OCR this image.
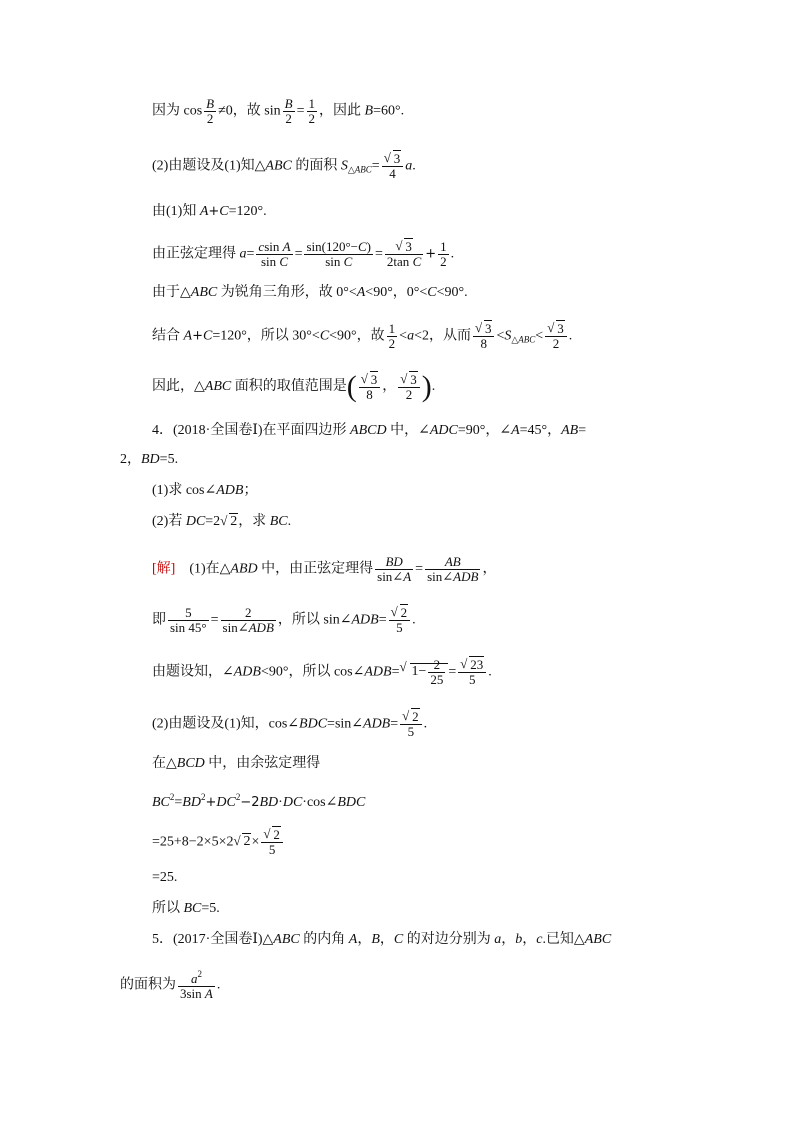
因为 $\cos \frac{B}{2} \ne 0$，故 $\sin \frac{B}{2} = \frac{1}{2}$ ，因此 B=60°.
(2)由题设及(1)知△ABC 的面积 $S_{\triangle ABC}=$ √ $\frac{3}{4} a$.
由(1)知 A+C=120°.
由正弦定理得 $a= \frac{\text{csin A}}{\text{sin C}} = \frac{\sin(120^\circ-C)}{\text{sin C}}$ = √ $\frac{3}{\text{2tan C}} + \frac{1}{2}$ .
由于△ABC 为锐角三角形，故 0°<A<90°，0°<C<90°.
结合 A+C=120°，所以 30°<C<90°，故 $\frac{1}{2} <a<2$，从而 √ $\frac{3}{8} <S_{\triangle ABC}<$ √ $\frac{3}{2}$ .
因此，△ABC 面积的取值范围是( √ $\frac{3}{8}$ ， √ $\frac{3}{2}$ ).
4．(2018·全国卷Ⅰ)在平面四边形 ABCD 中，∠ADC=90°，∠A=45°，AB=
2，BD=5.
(1)求 cos∠ADB；
(2)若 DC=2 √ 2，求 BC.
[解]　(1)在△ABD 中，由正弦定理得 $\frac{BD}{\sin\angle A} = \frac{AB}{\text{sin∠ADB}}$ ，
即 $\frac{5}{\sin 45^\circ} = \frac{2}{\text{sin∠ADB}}$ ，所以 sin∠ADB= √ $\frac{2}{5}$ .
由题设知，∠ADB<90°，所以 cos∠ADB= √ $1- \frac{2}{25}$ = √ $\frac{23}{5}$ .
(2)由题设及(1)知，cos∠BDC=sin∠ADB= √ $\frac{2}{5}$ .
在△BCD 中，由余弦定理得
$BC^2=BD^2+DC^2-2BD\cdot DC\cdot\cos\angle BDC$
=25+8−2×5×2 √ 2× √ $\frac{2}{5}$
=25.
所以 BC=5.
5．(2017·全国卷Ⅰ)△ABC 的内角 A，B，C 的对边分别为 a，b，c.已知△ABC
的面积为 $\frac{a^2}{\text{3sin A}}$ .
